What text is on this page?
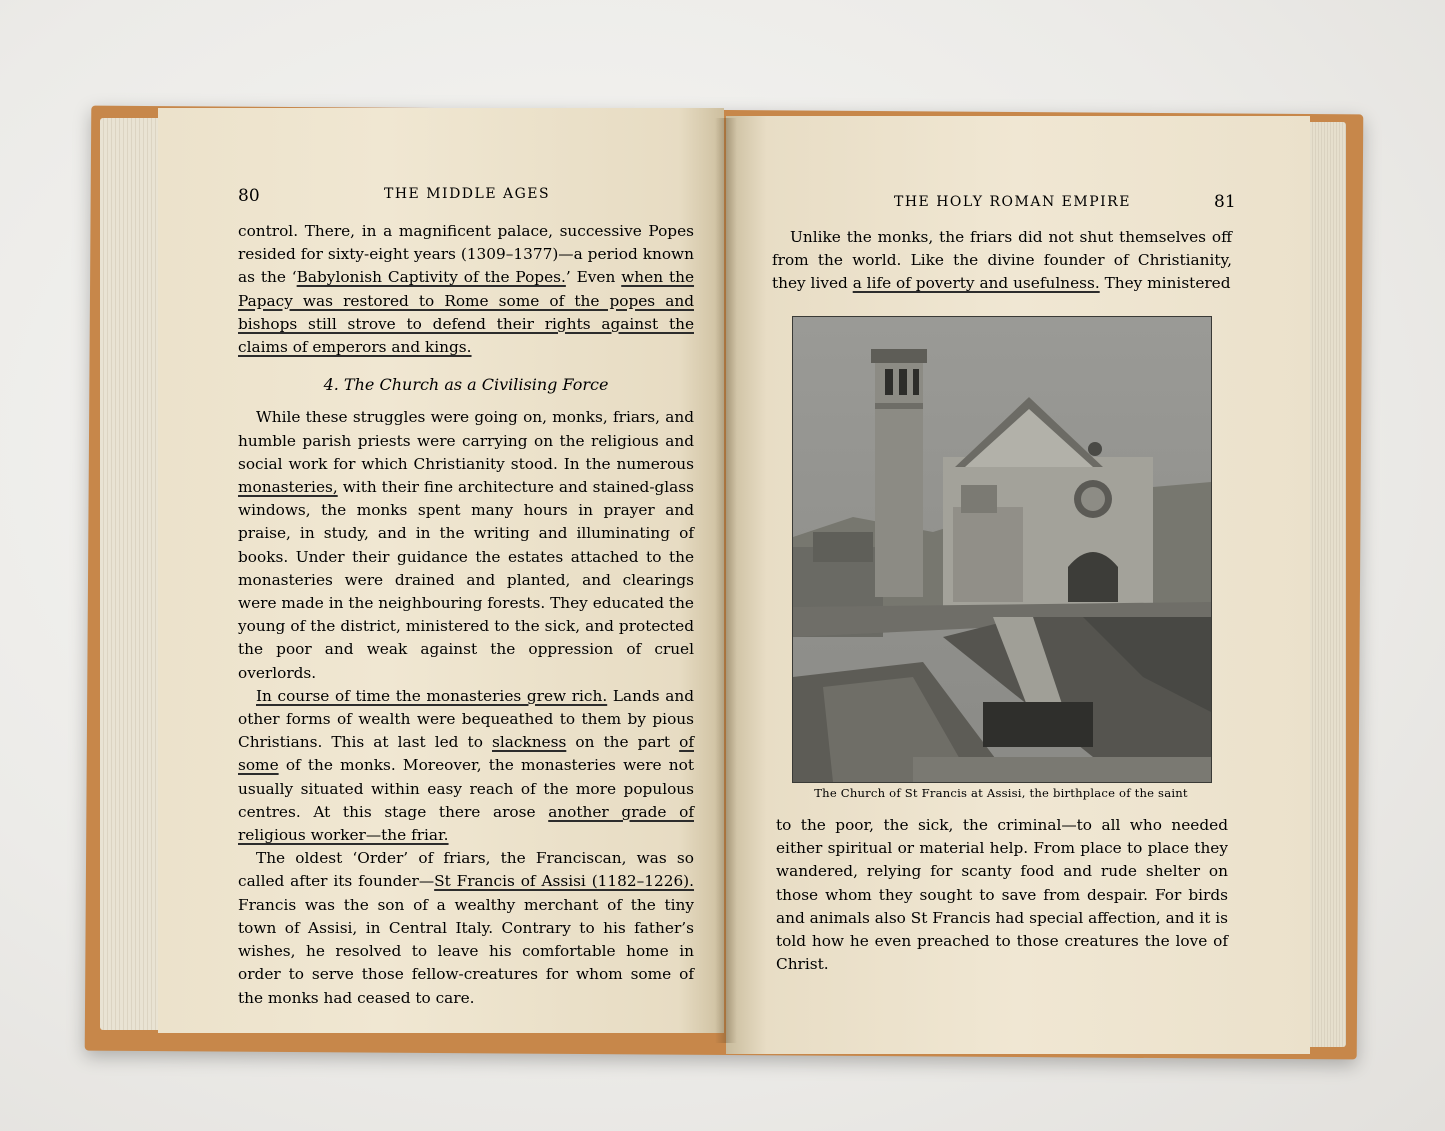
80	THE MIDDLE AGES

control. There, in a magnificent palace, successive Popes resided for sixty-eight years (1309–1377)—a period known as the ‘Babylonish Captivity of the Popes.’ Even when the Papacy was restored to Rome some of the popes and bishops still strove to defend their rights against the claims of emperors and kings.

4. The Church as a Civilising Force

While these struggles were going on, monks, friars, and humble parish priests were carrying on the religious and social work for which Christianity stood. In the numerous monasteries, with their fine architecture and stained-glass windows, the monks spent many hours in prayer and praise, in study, and in the writing and illuminating of books. Under their guidance the estates attached to the monasteries were drained and planted, and clearings were made in the neighbouring forests. They educated the young of the district, ministered to the sick, and protected the poor and weak against the oppression of cruel overlords.

In course of time the monasteries grew rich. Lands and other forms of wealth were bequeathed to them by pious Christians. This at last led to slackness on the part of some of the monks. Moreover, the monasteries were not usually situated within easy reach of the more populous centres. At this stage there arose another grade of religious worker—the friar.

The oldest ‘Order’ of friars, the Franciscan, was so called after its founder—St Francis of Assisi (1182–1226). Francis was the son of a wealthy merchant of the tiny town of Assisi, in Central Italy. Contrary to his father’s wishes, he resolved to leave his comfortable home in order to serve those fellow-creatures for whom some of the monks had ceased to care.

THE HOLY ROMAN EMPIRE	81

Unlike the monks, the friars did not shut themselves off from the world. Like the divine founder of Christianity, they lived a life of poverty and usefulness. They ministered

The Church of St Francis at Assisi, the birthplace of the saint

to the poor, the sick, the criminal—to all who needed either spiritual or material help. From place to place they wandered, relying for scanty food and rude shelter on those whom they sought to save from despair. For birds and animals also St Francis had special affection, and it is told how he even preached to those creatures the love of Christ.
